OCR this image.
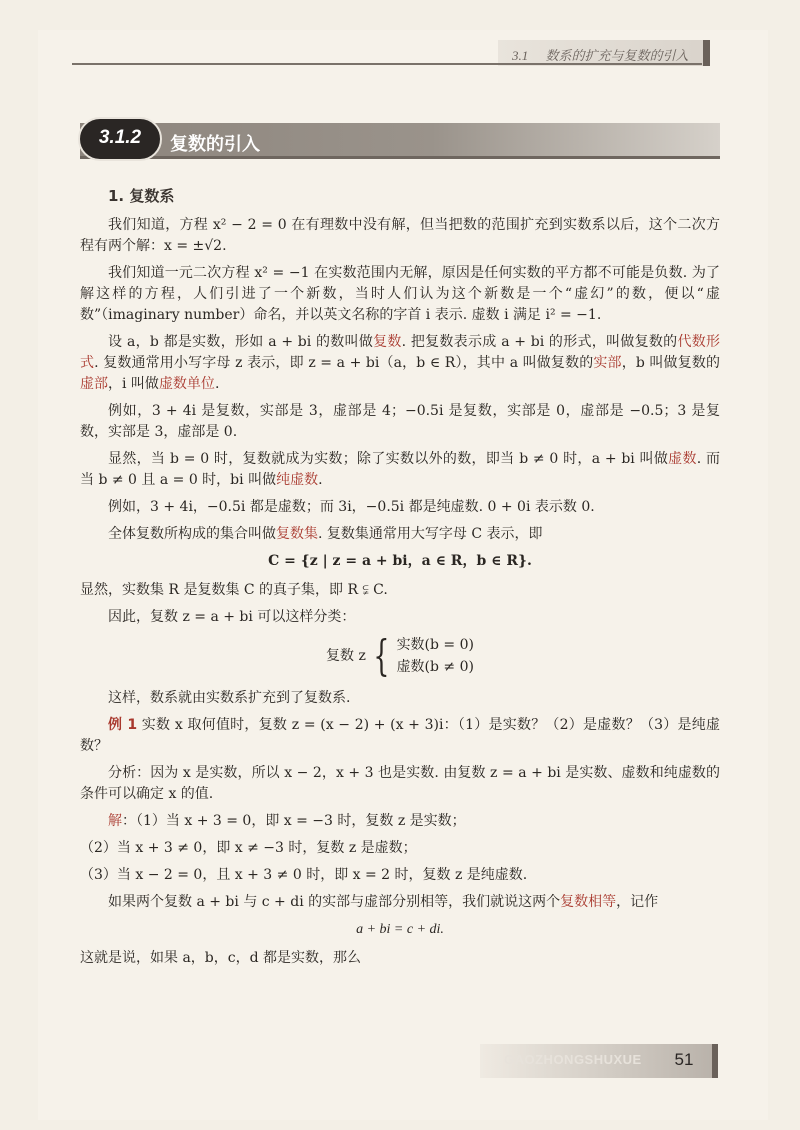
3.1 数系的扩充与复数的引入
3.1.2	复数的引入
1. 复数系

我们知道，方程 x² − 2 = 0 在有理数中没有解，但当把数的范围扩充到实数系以后，这个二次方程有两个解：x = ±√2.

我们知道一元二次方程 x² = −1 在实数范围内无解，原因是任何实数的平方都不可能是负数. 为了解这样的方程，人们引进了一个新数，当时人们认为这个新数是一个“虚幻”的数，便以“虚数”（imaginary number）命名，并以英文名称的字首 i 表示. 虚数 i 满足 i² = −1.

设 a，b 都是实数，形如 a + bi 的数叫做复数. 把复数表示成 a + bi 的形式，叫做复数的代数形式. 复数通常用小写字母 z 表示，即 z = a + bi（a，b ∈ R），其中 a 叫做复数的实部，b 叫做复数的虚部，i 叫做虚数单位.

例如，3 + 4i 是复数，实部是 3，虚部是 4；−0.5i 是复数，实部是 0，虚部是 −0.5；3 是复数，实部是 3，虚部是 0.

显然，当 b = 0 时，复数就成为实数；除了实数以外的数，即当 b ≠ 0 时，a + bi 叫做虚数. 而当 b ≠ 0 且 a = 0 时，bi 叫做纯虚数.

例如，3 + 4i，−0.5i 都是虚数；而 3i，−0.5i 都是纯虚数. 0 + 0i 表示数 0.

全体复数所构成的集合叫做复数集. 复数集通常用大写字母 C 表示，即

C = {z | z = a + bi，a ∈ R，b ∈ R}.

显然，实数集 R 是复数集 C 的真子集，即 R ⫋ C.

因此，复数 z = a + bi 可以这样分类：

复数 z { 实数(b = 0)
虚数(b ≠ 0)

这样，数系就由实数系扩充到了复数系.

例 1 实数 x 取何值时，复数 z = (x − 2) + (x + 3)i：（1）是实数？（2）是虚数？（3）是纯虚数？

分析：因为 x 是实数，所以 x − 2，x + 3 也是实数. 由复数 z = a + bi 是实数、虚数和纯虚数的条件可以确定 x 的值.

解：（1）当 x + 3 = 0，即 x = −3 时，复数 z 是实数；

（2）当 x + 3 ≠ 0，即 x ≠ −3 时，复数 z 是虚数；

（3）当 x − 2 = 0，且 x + 3 ≠ 0 时，即 x = 2 时，复数 z 是纯虚数.

如果两个复数 a + bi 与 c + di 的实部与虚部分别相等，我们就说这两个复数相等，记作

a + bi = c + di.

这就是说，如果 a，b，c，d 都是实数，那么

GAOZHONGSHUXUE	51
